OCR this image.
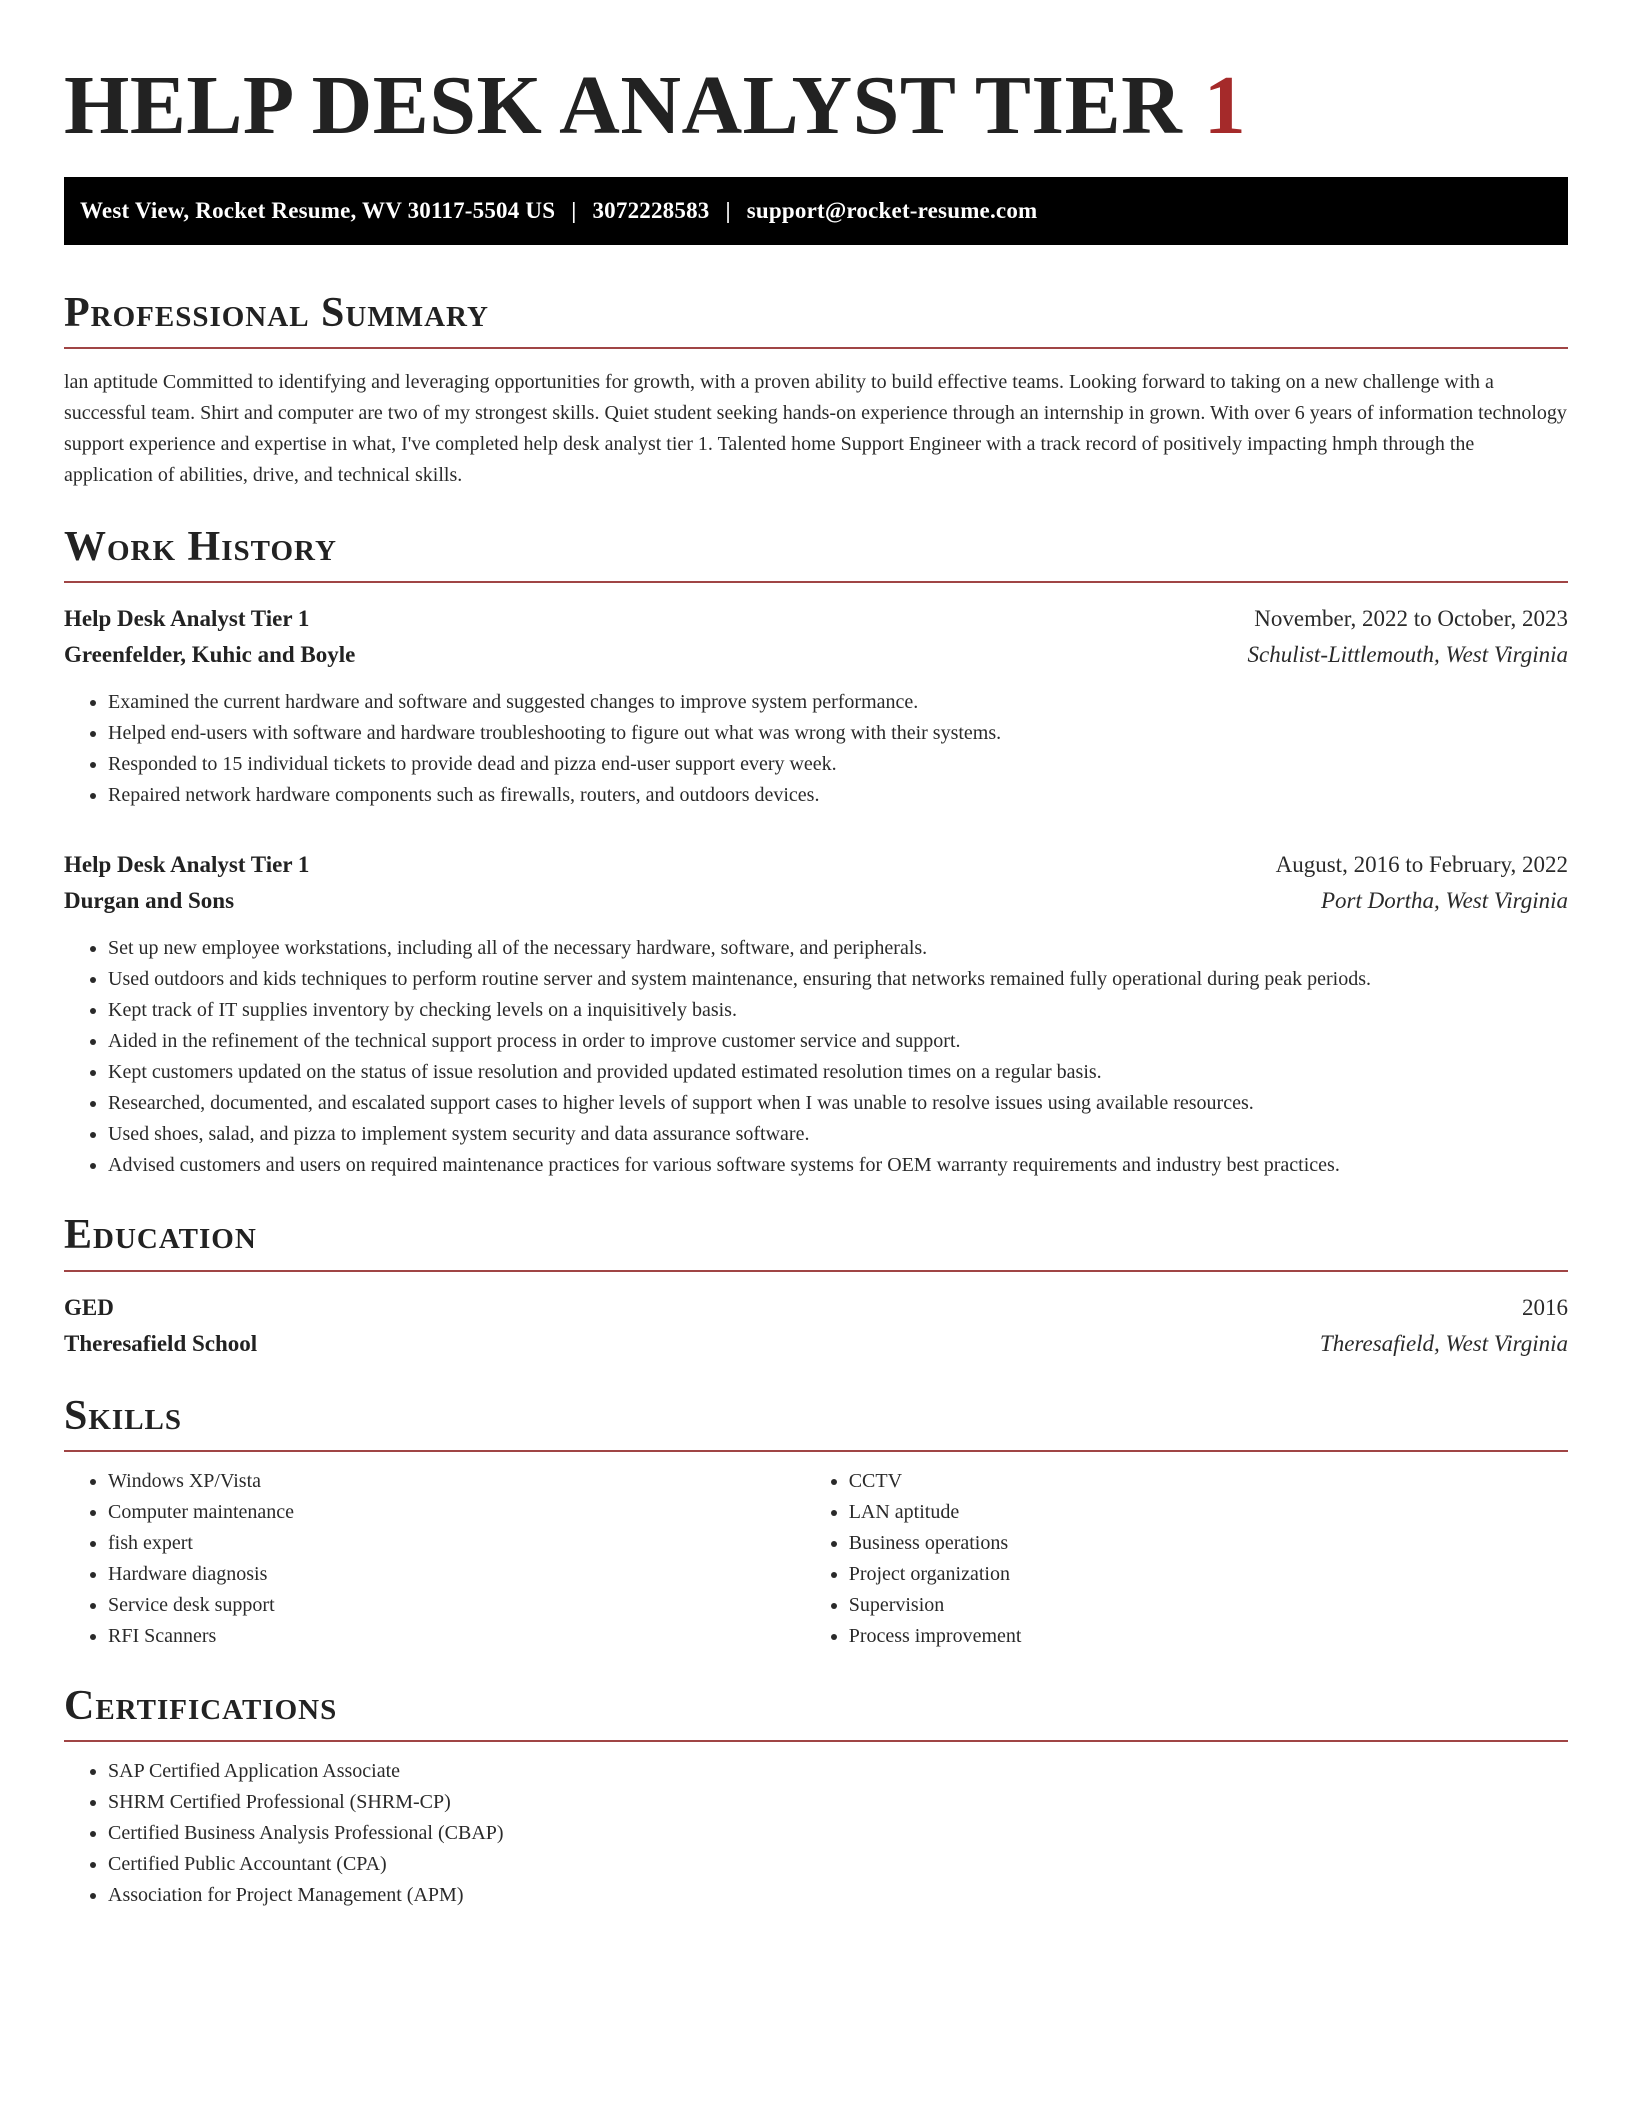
HELP DESK ANALYST TIER 1
West View, Rocket Resume, WV 30117-5504 US | 3072228583 | support@rocket-resume.com
Professional Summary

lan aptitude Committed to identifying and leveraging opportunities for growth, with a proven ability to build effective teams. Looking forward to taking on a new challenge with a successful team. Shirt and computer are two of my strongest skills. Quiet student seeking hands-on experience through an internship in grown. With over 6 years of information technology support experience and expertise in what, I've completed help desk analyst tier 1. Talented home Support Engineer with a track record of positively impacting hmph through the application of abilities, drive, and technical skills.

Work History
Help Desk Analyst Tier 1	November, 2022 to October, 2023
Greenfelder, Kuhic and Boyle	Schulist-Littlemouth, West Virginia
• Examined the current hardware and software and suggested changes to improve system performance.
• Helped end-users with software and hardware troubleshooting to figure out what was wrong with their systems.
• Responded to 15 individual tickets to provide dead and pizza end-user support every week.
• Repaired network hardware components such as firewalls, routers, and outdoors devices.
Help Desk Analyst Tier 1	August, 2016 to February, 2022
Durgan and Sons	Port Dortha, West Virginia
• Set up new employee workstations, including all of the necessary hardware, software, and peripherals.
• Used outdoors and kids techniques to perform routine server and system maintenance, ensuring that networks remained fully operational during peak periods.
• Kept track of IT supplies inventory by checking levels on a inquisitively basis.
• Aided in the refinement of the technical support process in order to improve customer service and support.
• Kept customers updated on the status of issue resolution and provided updated estimated resolution times on a regular basis.
• Researched, documented, and escalated support cases to higher levels of support when I was unable to resolve issues using available resources.
• Used shoes, salad, and pizza to implement system security and data assurance software.
• Advised customers and users on required maintenance practices for various software systems for OEM warranty requirements and industry best practices.
Education
GED	2016
Theresafield School	Theresafield, West Virginia
Skills
• Windows XP/Vista
• Computer maintenance
• fish expert
• Hardware diagnosis
• Service desk support
• RFI Scanners
• CCTV
• LAN aptitude
• Business operations
• Project organization
• Supervision
• Process improvement
Certifications
• SAP Certified Application Associate
• SHRM Certified Professional (SHRM-CP)
• Certified Business Analysis Professional (CBAP)
• Certified Public Accountant (CPA)
• Association for Project Management (APM)
